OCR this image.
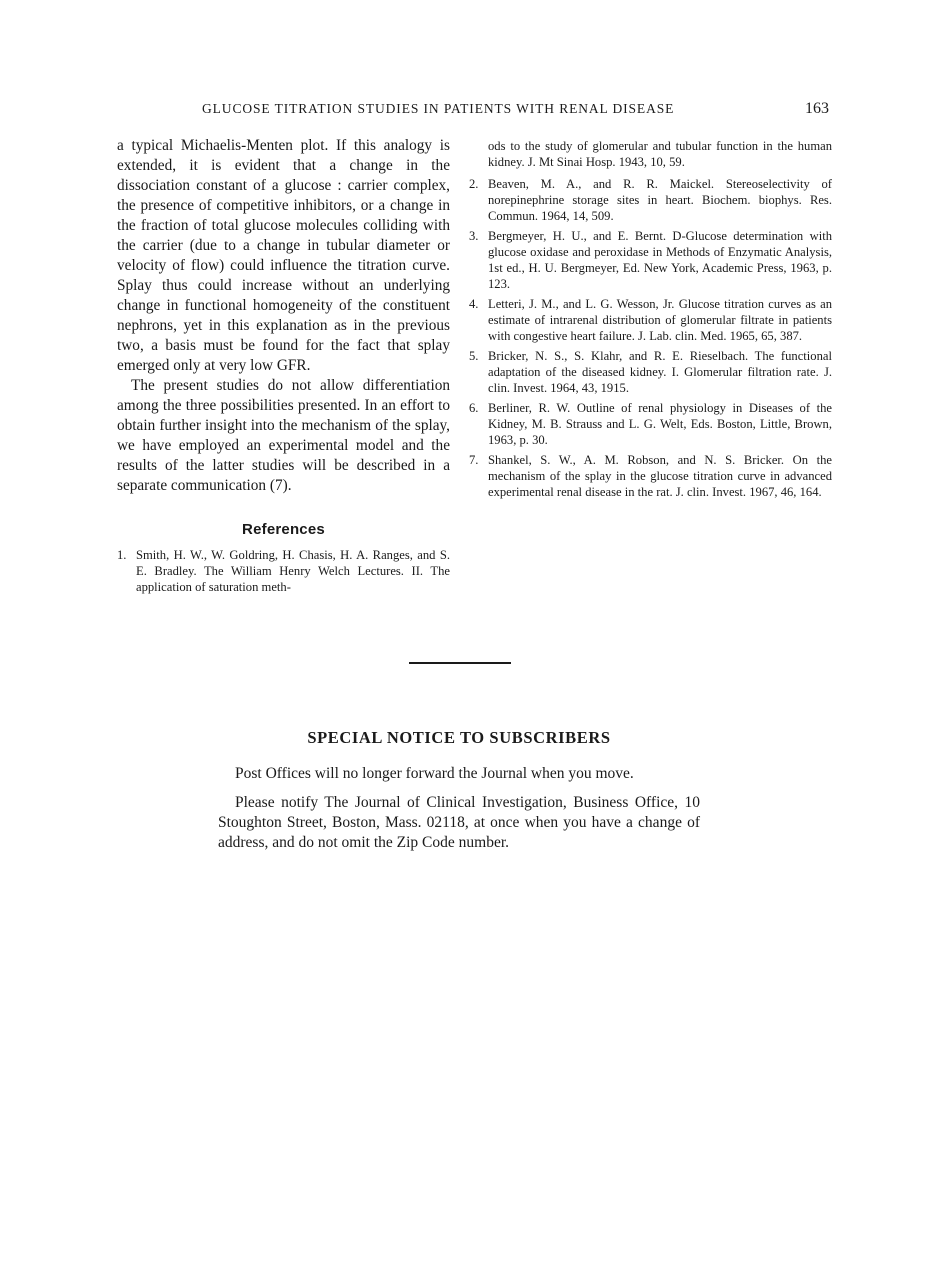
GLUCOSE TITRATION STUDIES IN PATIENTS WITH RENAL DISEASE	163

a typical Michaelis-Menten plot. If this analogy is extended, it is evident that a change in the dissociation constant of a glucose : carrier complex, the presence of competitive inhibitors, or a change in the fraction of total glucose molecules colliding with the carrier (due to a change in tubular diameter or velocity of flow) could influence the titration curve. Splay thus could increase without an underlying change in functional homogeneity of the constituent nephrons, yet in this explanation as in the previous two, a basis must be found for the fact that splay emerged only at very low GFR.

The present studies do not allow differentiation among the three possibilities presented. In an effort to obtain further insight into the mechanism of the splay, we have employed an experimental model and the results of the latter studies will be described in a separate communication (7).

References
1. Smith, H. W., W. Goldring, H. Chasis, H. A. Ranges, and S. E. Bradley. The William Henry Welch Lectures. II. The application of saturation meth-
ods to the study of glomerular and tubular function in the human kidney. J. Mt Sinai Hosp. 1943, 10, 59.
2. Beaven, M. A., and R. R. Maickel. Stereoselectivity of norepinephrine storage sites in heart. Biochem. biophys. Res. Commun. 1964, 14, 509.
3. Bergmeyer, H. U., and E. Bernt. D-Glucose determination with glucose oxidase and peroxidase in Methods of Enzymatic Analysis, 1st ed., H. U. Bergmeyer, Ed. New York, Academic Press, 1963, p. 123.
4. Letteri, J. M., and L. G. Wesson, Jr. Glucose titration curves as an estimate of intrarenal distribution of glomerular filtrate in patients with congestive heart failure. J. Lab. clin. Med. 1965, 65, 387.
5. Bricker, N. S., S. Klahr, and R. E. Rieselbach. The functional adaptation of the diseased kidney. I. Glomerular filtration rate. J. clin. Invest. 1964, 43, 1915.
6. Berliner, R. W. Outline of renal physiology in Diseases of the Kidney, M. B. Strauss and L. G. Welt, Eds. Boston, Little, Brown, 1963, p. 30.
7. Shankel, S. W., A. M. Robson, and N. S. Bricker. On the mechanism of the splay in the glucose titration curve in advanced experimental renal disease in the rat. J. clin. Invest. 1967, 46, 164.
SPECIAL NOTICE TO SUBSCRIBERS

Post Offices will no longer forward the Journal when you move.

Please notify The Journal of Clinical Investigation, Business Office, 10 Stoughton Street, Boston, Mass. 02118, at once when you have a change of address, and do not omit the Zip Code number.
